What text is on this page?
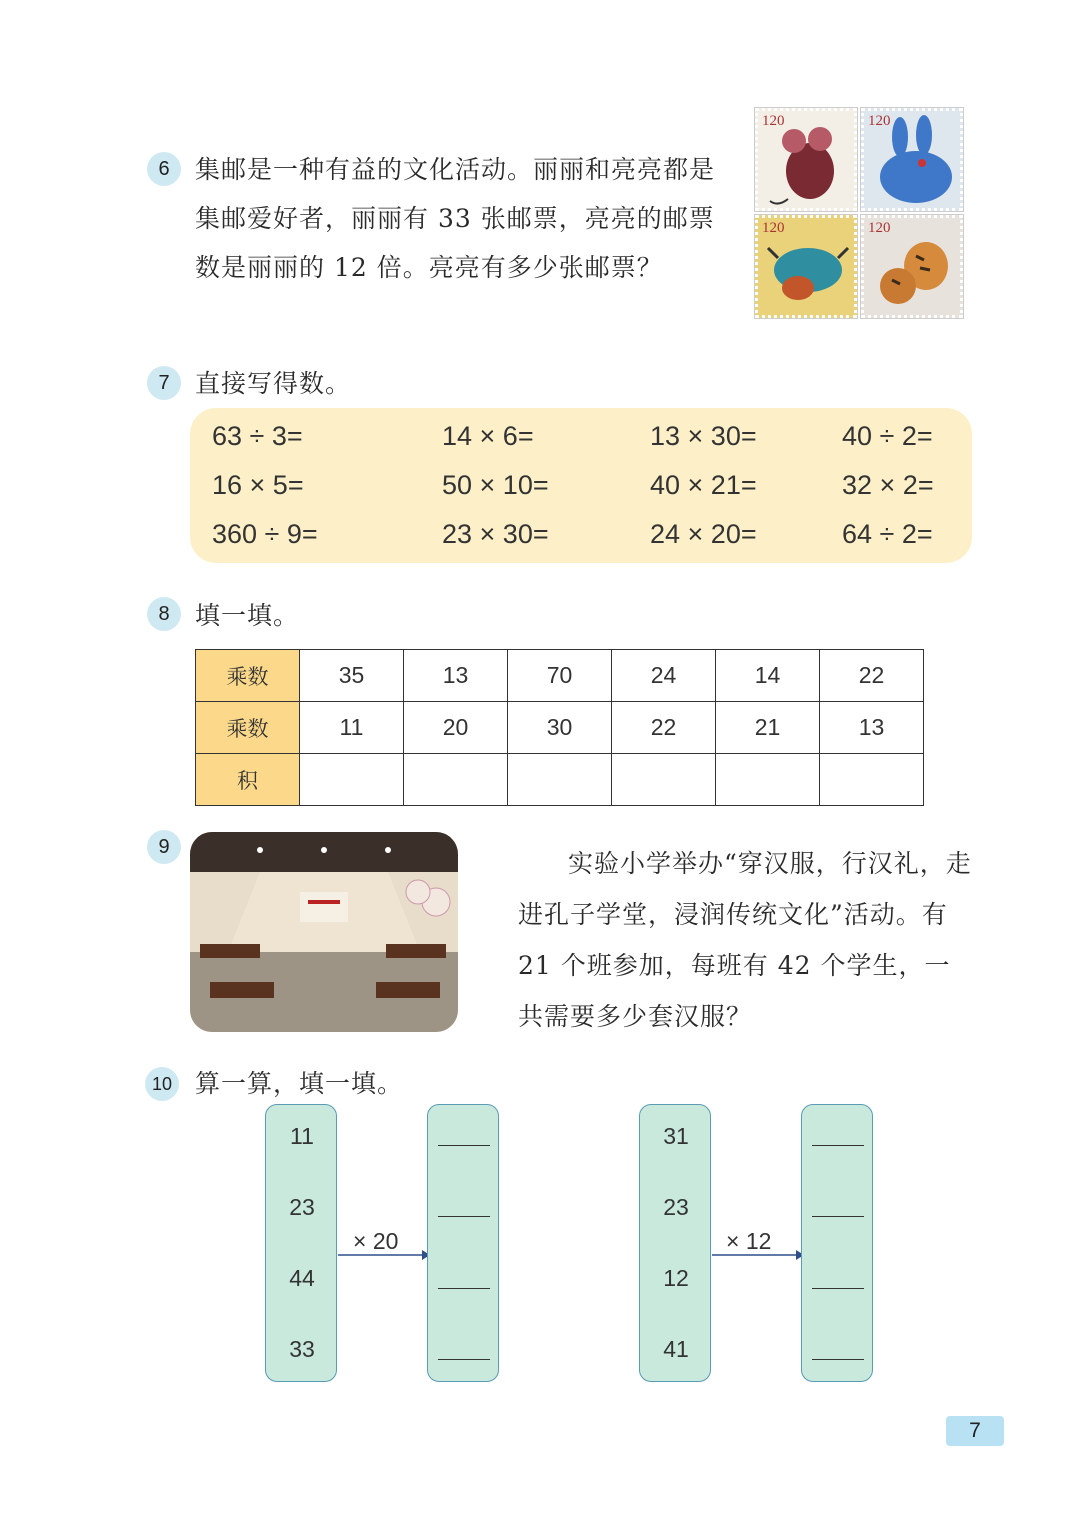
6	集邮是一种有益的文化活动。丽丽和亮亮都是集邮爱好者，丽丽有 33 张邮票，亮亮的邮票数是丽丽的 12 倍。亮亮有多少张邮票？
120	120
120	120
7	直接写得数。
63 ÷ 3=	14 × 6=	13 × 30=	40 ÷ 2=
16 × 5=	50 × 10=	40 × 21=	32 × 2=
360 ÷ 9=	23 × 30=	24 × 20=	64 ÷ 2=
8	填一填。
乘数	35	13	70	24	14	22
乘数	11	20	30	22	21	13
积						
9
实验小学举办“穿汉服，行汉礼，走进孔子学堂，浸润传统文化”活动。有 21 个班参加，每班有 42 个学生，一共需要多少套汉服？
10 算一算，填一填。
11
23
44
33
× 20
31
23
12
41
× 12
7
